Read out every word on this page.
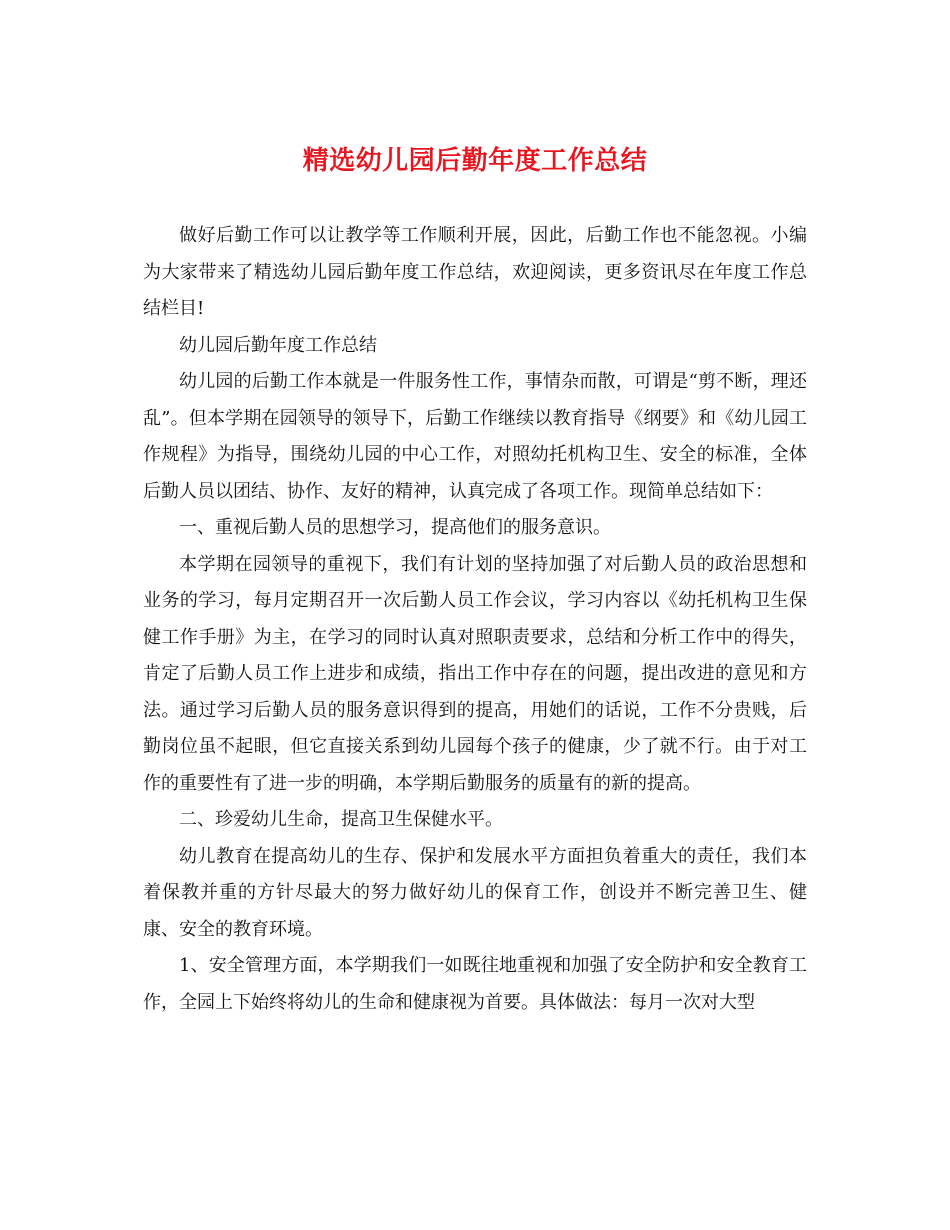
精选幼儿园后勤年度工作总结

做好后勤工作可以让教学等工作顺利开展，因此，后勤工作也不能忽视。小编为大家带来了精选幼儿园后勤年度工作总结，欢迎阅读，更多资讯尽在年度工作总结栏目!

幼儿园后勤年度工作总结

幼儿园的后勤工作本就是一件服务性工作，事情杂而散，可谓是“剪不断，理还乱”。但本学期在园领导的领导下，后勤工作继续以教育指导《纲要》和《幼儿园工作规程》为指导，围绕幼儿园的中心工作，对照幼托机构卫生、安全的标准，全体后勤人员以团结、协作、友好的精神，认真完成了各项工作。现简单总结如下：

一、重视后勤人员的思想学习，提高他们的服务意识。

本学期在园领导的重视下，我们有计划的坚持加强了对后勤人员的政治思想和业务的学习，每月定期召开一次后勤人员工作会议，学习内容以《幼托机构卫生保健工作手册》为主，在学习的同时认真对照职责要求，总结和分析工作中的得失，肯定了后勤人员工作上进步和成绩，指出工作中存在的问题，提出改进的意见和方法。通过学习后勤人员的服务意识得到的提高，用她们的话说，工作不分贵贱，后勤岗位虽不起眼，但它直接关系到幼儿园每个孩子的健康，少了就不行。由于对工作的重要性有了进一步的明确，本学期后勤服务的质量有的新的提高。

二、珍爱幼儿生命，提高卫生保健水平。

幼儿教育在提高幼儿的生存、保护和发展水平方面担负着重大的责任，我们本着保教并重的方针尽最大的努力做好幼儿的保育工作，创设并不断完善卫生、健康、安全的教育环境。

1、安全管理方面，本学期我们一如既往地重视和加强了安全防护和安全教育工作，全园上下始终将幼儿的生命和健康视为首要。具体做法：每月一次对大型
